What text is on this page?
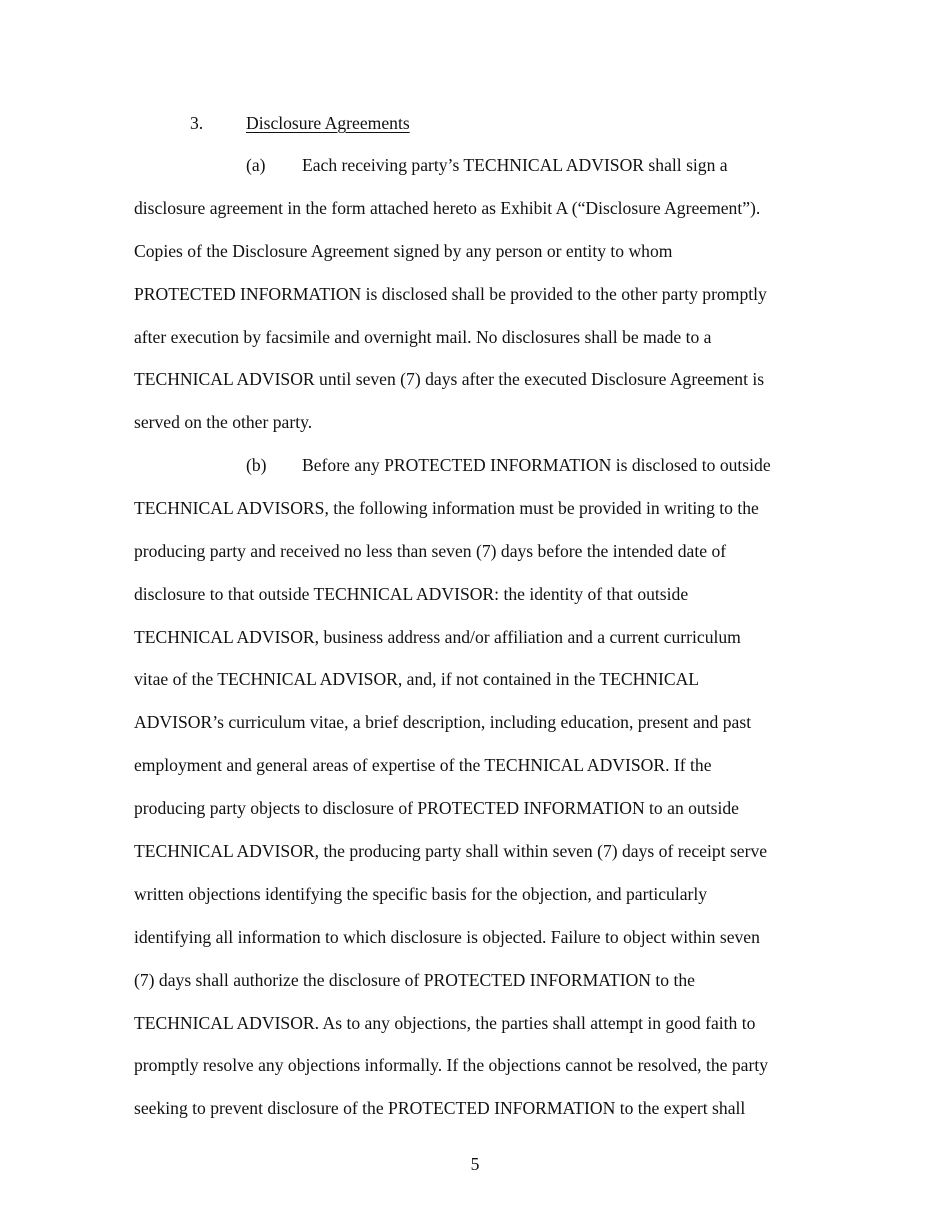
3. Disclosure Agreements
(a) Each receiving party’s TECHNICAL ADVISOR shall sign a
disclosure agreement in the form attached hereto as Exhibit A (“Disclosure Agreement”).
Copies of the Disclosure Agreement signed by any person or entity to whom
PROTECTED INFORMATION is disclosed shall be provided to the other party promptly
after execution by facsimile and overnight mail. No disclosures shall be made to a
TECHNICAL ADVISOR until seven (7) days after the executed Disclosure Agreement is
served on the other party.
(b) Before any PROTECTED INFORMATION is disclosed to outside
TECHNICAL ADVISORS, the following information must be provided in writing to the
producing party and received no less than seven (7) days before the intended date of
disclosure to that outside TECHNICAL ADVISOR: the identity of that outside
TECHNICAL ADVISOR, business address and/or affiliation and a current curriculum
vitae of the TECHNICAL ADVISOR, and, if not contained in the TECHNICAL
ADVISOR’s curriculum vitae, a brief description, including education, present and past
employment and general areas of expertise of the TECHNICAL ADVISOR. If the
producing party objects to disclosure of PROTECTED INFORMATION to an outside
TECHNICAL ADVISOR, the producing party shall within seven (7) days of receipt serve
written objections identifying the specific basis for the objection, and particularly
identifying all information to which disclosure is objected. Failure to object within seven
(7) days shall authorize the disclosure of PROTECTED INFORMATION to the
TECHNICAL ADVISOR. As to any objections, the parties shall attempt in good faith to
promptly resolve any objections informally. If the objections cannot be resolved, the party
seeking to prevent disclosure of the PROTECTED INFORMATION to the expert shall
5
